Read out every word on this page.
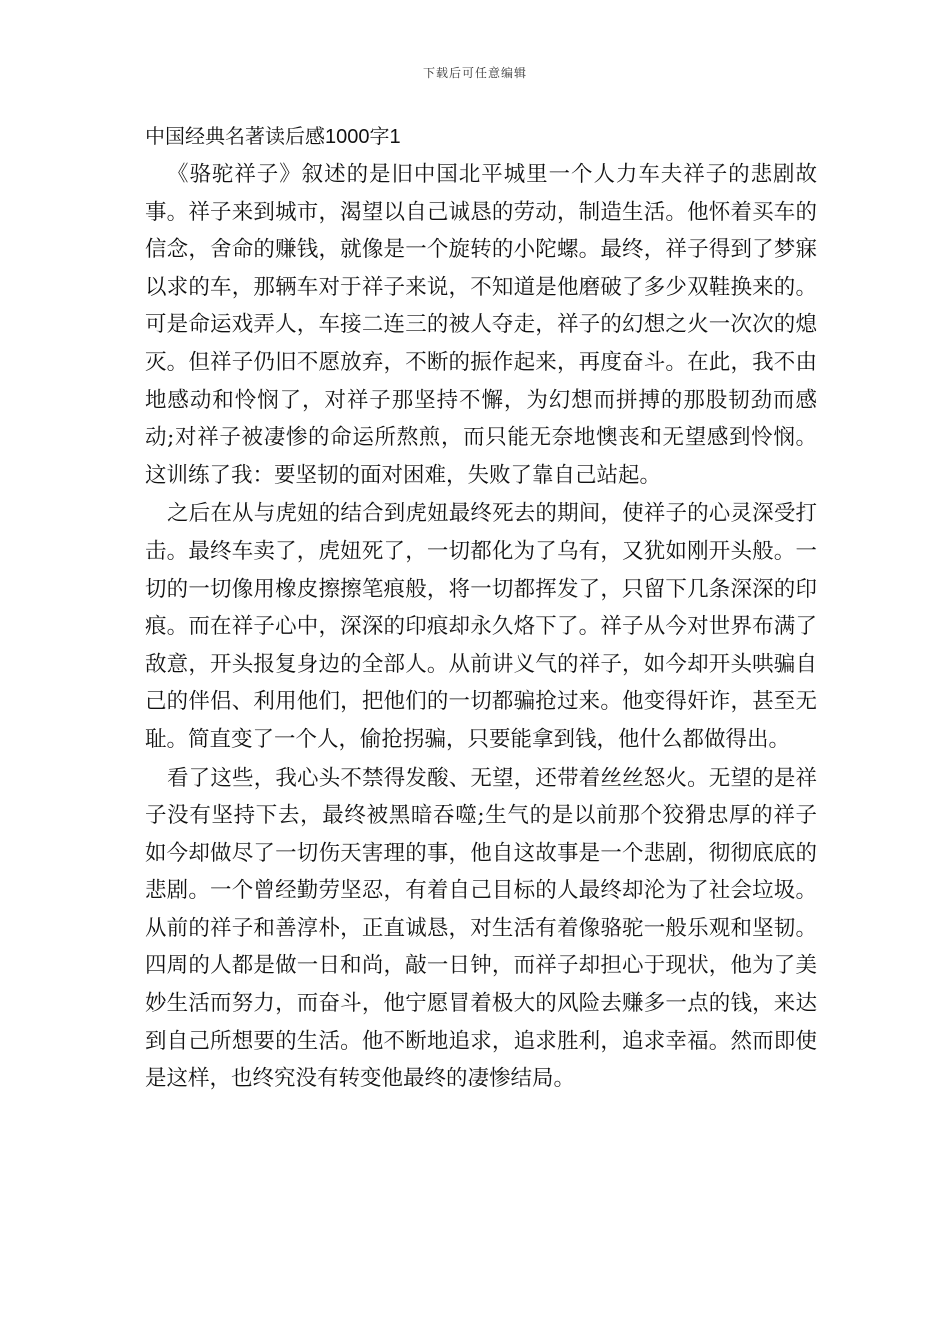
下载后可任意编辑
中国经典名著读后感1000字1

《骆驼祥子》叙述的是旧中国北平城里一个人力车夫祥子的悲剧故事。祥子来到城市，渴望以自己诚恳的劳动，制造生活。他怀着买车的信念，舍命的赚钱，就像是一个旋转的小陀螺。最终，祥子得到了梦寐以求的车，那辆车对于祥子来说，不知道是他磨破了多少双鞋换来的。可是命运戏弄人，车接二连三的被人夺走，祥子的幻想之火一次次的熄灭。但祥子仍旧不愿放弃，不断的振作起来，再度奋斗。在此，我不由地感动和怜悯了，对祥子那坚持不懈，为幻想而拼搏的那股韧劲而感动;对祥子被凄惨的命运所熬煎，而只能无奈地懊丧和无望感到怜悯。这训练了我：要坚韧的面对困难，失败了靠自己站起。

之后在从与虎妞的结合到虎妞最终死去的期间，使祥子的心灵深受打击。最终车卖了，虎妞死了，一切都化为了乌有，又犹如刚开头般。一切的一切像用橡皮擦擦笔痕般，将一切都挥发了，只留下几条深深的印痕。而在祥子心中，深深的印痕却永久烙下了。祥子从今对世界布满了敌意，开头报复身边的全部人。从前讲义气的祥子，如今却开头哄骗自己的伴侣、利用他们，把他们的一切都骗抢过来。他变得奸诈，甚至无耻。简直变了一个人，偷抢拐骗，只要能拿到钱，他什么都做得出。

看了这些，我心头不禁得发酸、无望，还带着丝丝怒火。无望的是祥子没有坚持下去，最终被黑暗吞噬;生气的是以前那个狡猾忠厚的祥子如今却做尽了一切伤天害理的事，他自这故事是一个悲剧，彻彻底底的悲剧。一个曾经勤劳坚忍，有着自己目标的人最终却沦为了社会垃圾。从前的祥子和善淳朴，正直诚恳，对生活有着像骆驼一般乐观和坚韧。四周的人都是做一日和尚，敲一日钟，而祥子却担心于现状，他为了美妙生活而努力，而奋斗，他宁愿冒着极大的风险去赚多一点的钱，来达到自己所想要的生活。他不断地追求，追求胜利，追求幸福。然而即使是这样，也终究没有转变他最终的凄惨结局。
